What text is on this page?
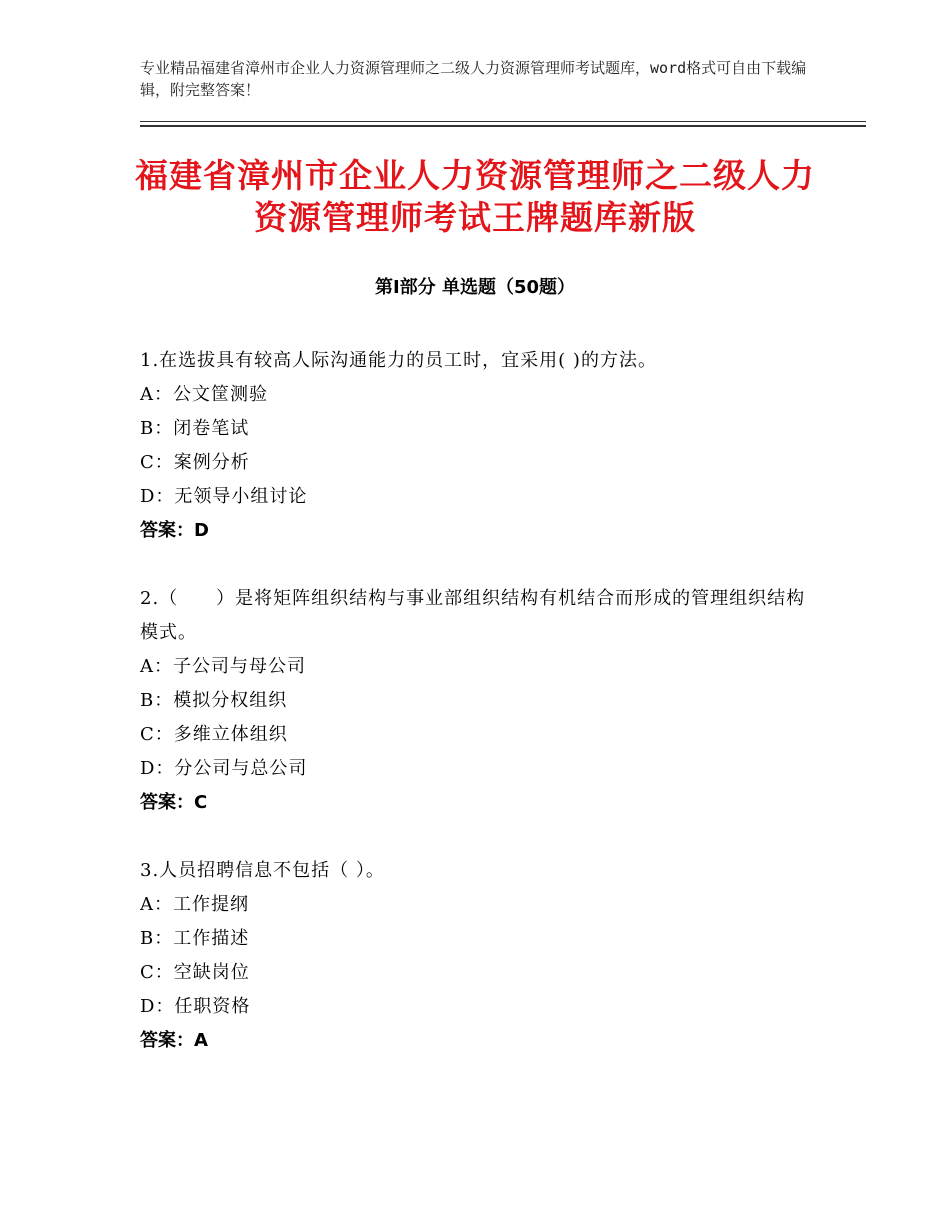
专业精品福建省漳州市企业人力资源管理师之二级人力资源管理师考试题库，word格式可自由下载编辑，附完整答案！
福建省漳州市企业人力资源管理师之二级人力资源管理师考试王牌题库新版
第Ⅰ部分 单选题（50题）
1.在选拔具有较高人际沟通能力的员工时，宜采用( )的方法。
A：公文筐测验
B：闭卷笔试
C：案例分析
D：无领导小组讨论
答案：D
2.（　　）是将矩阵组织结构与事业部组织结构有机结合而形成的管理组织结构模式。
A：子公司与母公司
B：模拟分权组织
C：多维立体组织
D：分公司与总公司
答案：C
3.人员招聘信息不包括（ ）。
A：工作提纲
B：工作描述
C：空缺岗位
D：任职资格
答案：A
